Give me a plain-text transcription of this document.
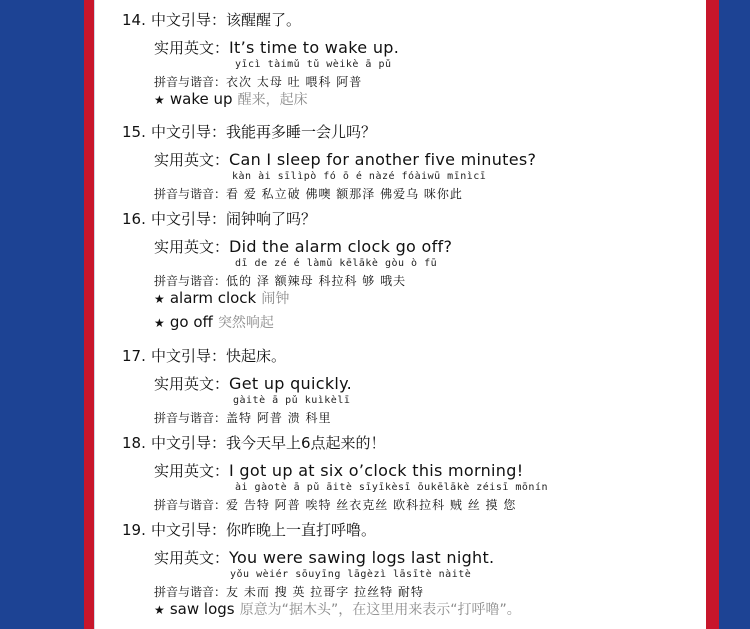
14. 中文引导：该醒醒了。
实用英文：It’s time to wake up.
yīcì tàimǔ tǔ wèikè ā pǔ
拼音与谐音：衣次 太母 吐 喂科 阿普
★ wake up 醒来，起床
15. 中文引导：我能再多睡一会儿吗？
实用英文：Can I sleep for another five minutes?
kàn ài sīlìpò fó ō é nàzé fóàiwū mīnìcī
拼音与谐音：看 爱 私立破 佛噢 额那泽 佛爱乌 咪你此
16. 中文引导：闹钟响了吗？
实用英文：Did the alarm clock go off?
dī de zé é làmǔ kēlākè gòu ò fū
拼音与谐音：低的 泽 额辣母 科拉科 够 哦夫
★ alarm clock 闹钟
★ go off 突然响起
17. 中文引导：快起床。
实用英文：Get up quickly.
gàitè ā pǔ kuìkèlī
拼音与谐音：盖特 阿普 溃 科里
18. 中文引导：我今天早上6点起来的！
实用英文：I got up at six o’clock this morning!
ài gàotè ā pǔ āitè sīyīkèsī ōukēlākè zéisī mōnín
拼音与谐音：爱 告特 阿普 唉特 丝衣克丝 欧科拉科 贼 丝 摸 您
19. 中文引导：你昨晚上一直打呼噜。
实用英文：You were sawing logs last night.
yǒu wèiér sōuyīng lāgèzì lāsītè nàitè
拼音与谐音：友 未而 搜 英 拉哥字 拉丝特 耐特
★ saw logs 原意为“据木头”，在这里用来表示“打呼噜”。
